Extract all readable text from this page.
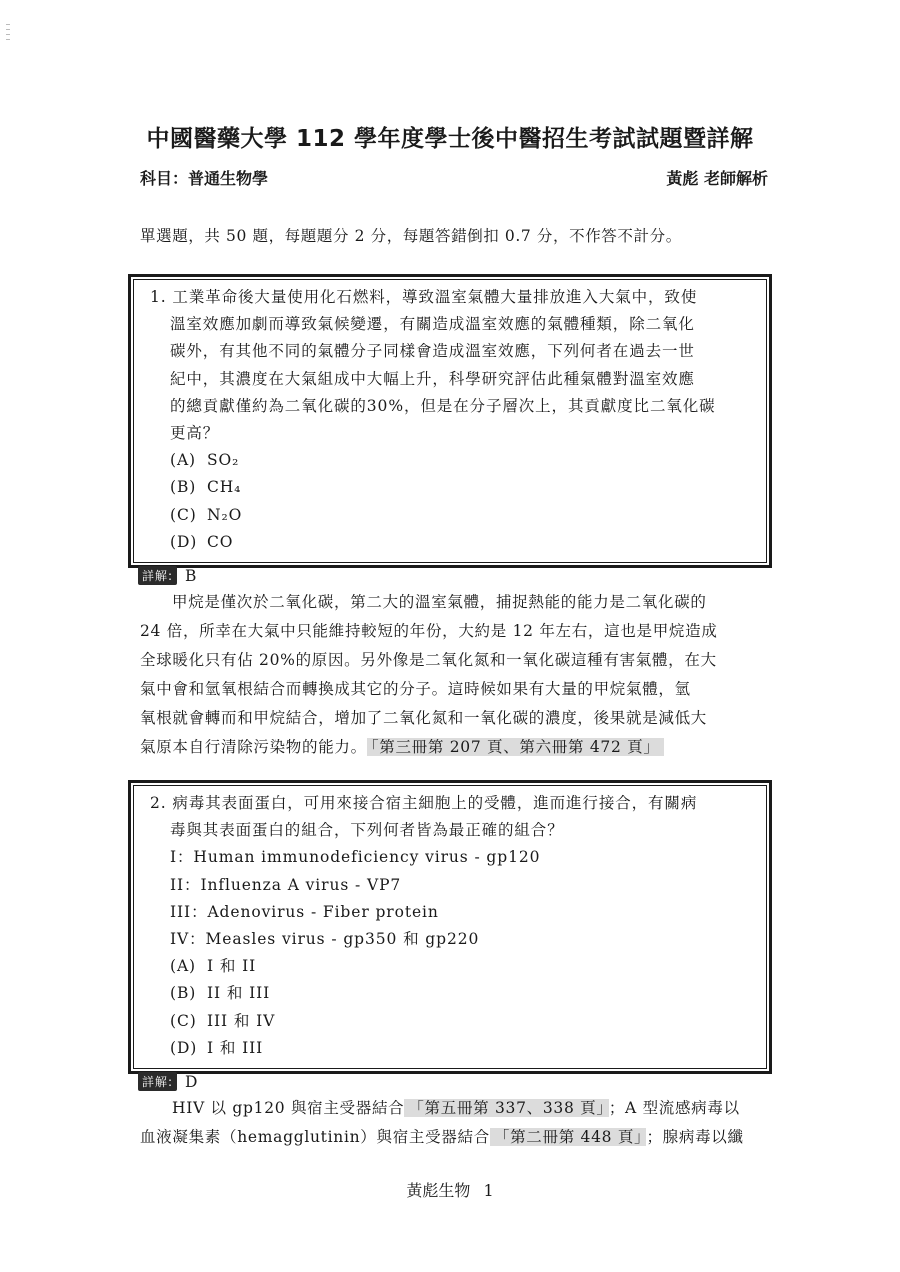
中國醫藥大學 112 學年度學士後中醫招生考試試題暨詳解
科目：普通生物學	黃彪 老師解析
單選題，共 50 題，每題題分 2 分，每題答錯倒扣 0.7 分，不作答不計分。
1. 工業革命後大量使用化石燃料，導致溫室氣體大量排放進入大氣中，致使
溫室效應加劇而導致氣候變遷，有關造成溫室效應的氣體種類，除二氧化
碳外，有其他不同的氣體分子同樣會造成溫室效應，下列何者在過去一世
紀中，其濃度在大氣組成中大幅上升，科學研究評估此種氣體對溫室效應
的總貢獻僅約為二氧化碳的30%，但是在分子層次上，其貢獻度比二氧化碳
更高？
(A) SO₂
(B) CH₄
(C) N₂O
(D) CO
詳解: B
甲烷是僅次於二氧化碳，第二大的溫室氣體，捕捉熱能的能力是二氧化碳的
24 倍，所幸在大氣中只能維持較短的年份，大約是 12 年左右，這也是甲烷造成
全球暖化只有佔 20%的原因。另外像是二氧化氮和一氧化碳這種有害氣體，在大
氣中會和氫氧根結合而轉換成其它的分子。這時候如果有大量的甲烷氣體，氫
氧根就會轉而和甲烷結合，增加了二氧化氮和一氧化碳的濃度，後果就是減低大
氣原本自行清除污染物的能力。 「第三冊第 207 頁、第六冊第 472 頁」
2. 病毒其表面蛋白，可用來接合宿主細胞上的受體，進而進行接合，有關病
毒與其表面蛋白的組合，下列何者皆為最正確的組合？
I：Human immunodeficiency virus - gp120
II：Influenza A virus - VP7
III：Adenovirus - Fiber protein
IV：Measles virus - gp350 和 gp220
(A) I 和 II
(B) II 和 III
(C) III 和 IV
(D) I 和 III
詳解: D
HIV 以 gp120 與宿主受器結合 「第五冊第 337、338 頁」 ；A 型流感病毒以
血液凝集素（hemagglutinin）與宿主受器結合 「第二冊第 448 頁」 ；腺病毒以纖
黃彪生物 1
